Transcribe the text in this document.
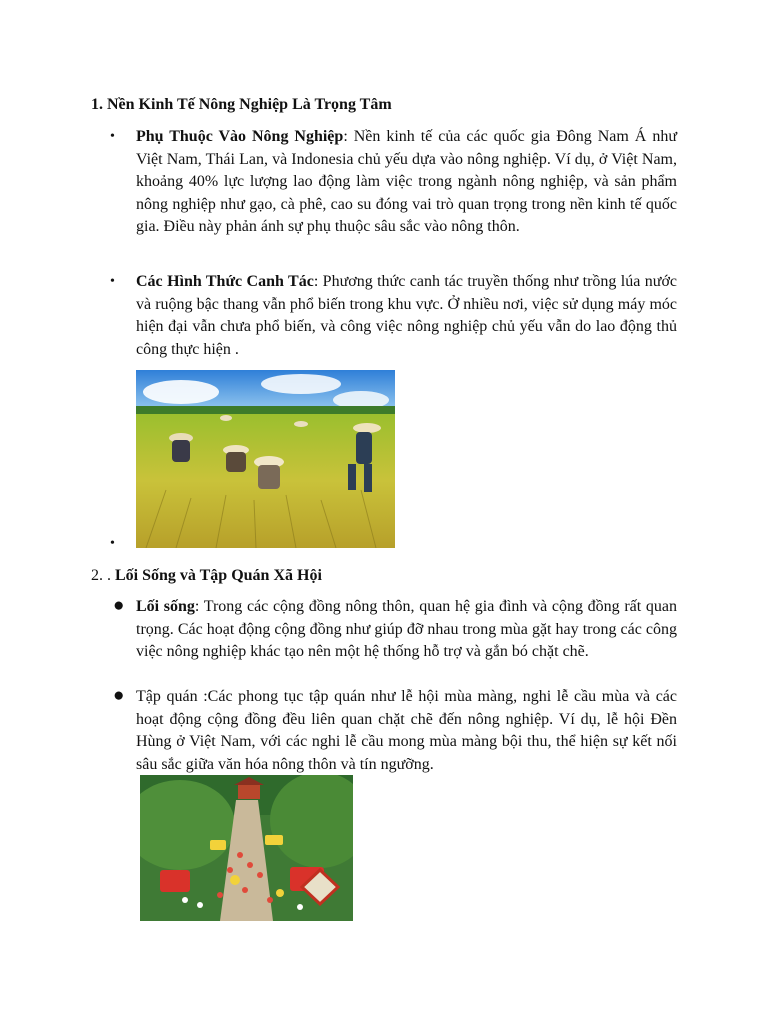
1. Nền Kinh Tế Nông Nghiệp Là Trọng Tâm
• Phụ Thuộc Vào Nông Nghiệp: Nền kinh tế của các quốc gia Đông Nam Á như Việt Nam, Thái Lan, và Indonesia chủ yếu dựa vào nông nghiệp. Ví dụ, ở Việt Nam, khoảng 40% lực lượng lao động làm việc trong ngành nông nghiệp, và sản phẩm nông nghiệp như gạo, cà phê, cao su đóng vai trò quan trọng trong nền kinh tế quốc gia. Điều này phản ánh sự phụ thuộc sâu sắc vào nông thôn.
• Các Hình Thức Canh Tác: Phương thức canh tác truyền thống như trồng lúa nước và ruộng bậc thang vẫn phổ biến trong khu vực. Ở nhiều nơi, việc sử dụng máy móc hiện đại vẫn chưa phổ biến, và công việc nông nghiệp chủ yếu vẫn do lao động thủ công thực hiện .
•
2. . Lối Sống và Tập Quán Xã Hội
● Lối sống: Trong các cộng đồng nông thôn, quan hệ gia đình và cộng đồng rất quan trọng. Các hoạt động cộng đồng như giúp đỡ nhau trong mùa gặt hay trong các công việc nông nghiệp khác tạo nên một hệ thống hỗ trợ và gắn bó chặt chẽ.
● Tập quán :Các phong tục tập quán như lễ hội mùa màng, nghi lễ cầu mùa và các hoạt động cộng đồng đều liên quan chặt chẽ đến nông nghiệp. Ví dụ, lễ hội Đền Hùng ở Việt Nam, với các nghi lễ cầu mong mùa màng bội thu, thể hiện sự kết nối sâu sắc giữa văn hóa nông thôn và tín ngưỡng.
